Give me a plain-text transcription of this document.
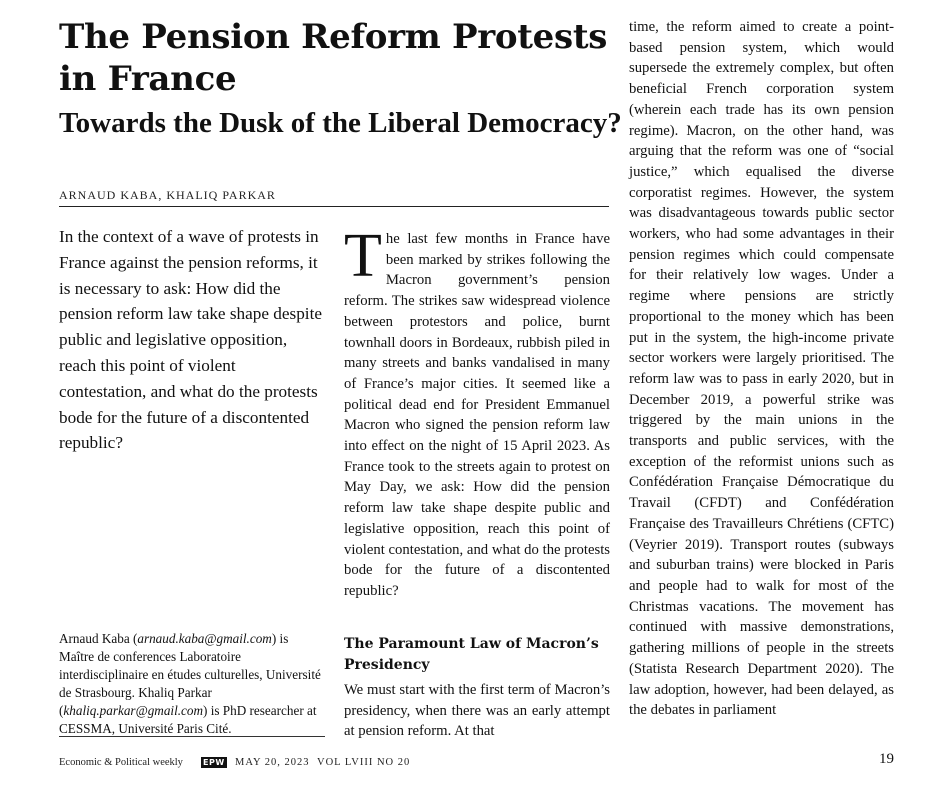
The Pension Reform Protests in France
Towards the Dusk of the Liberal Democracy?
ARNAUD KABA, KHALIQ PARKAR

In the context of a wave of protests in France against the pension reforms, it is necessary to ask: How did the pension reform law take shape despite public and legislative opposition, reach this point of violent contestation, and what do the protests bode for the future of a discontented republic?

The last few months in France have been marked by strikes following the Macron government’s pension reform. The strikes saw widespread violence between protestors and police, burnt townhall doors in Bordeaux, rubbish piled in many streets and banks vandalised in many of France’s major cities. It seemed like a political dead end for President Emmanuel Macron who signed the pension reform law into effect on the night of 15 April 2023. As France took to the streets again to protest on May Day, we ask: How did the pension reform law take shape despite public and legislative opposition, reach this point of violent contestation, and what do the protests bode for the future of a discontented republic?
The Paramount Law of Macron’s Presidency

We must start with the first term of Macron’s presidency, when there was an early attempt at pension reform. At that

time, the reform aimed to create a point-based pension system, which would supersede the extremely complex, but often beneficial French corporation system (wherein each trade has its own pension regime). Macron, on the other hand, was arguing that the reform was one of “social justice,” which equalised the diverse corporatist regimes. However, the system was disadvantageous towards public sector workers, who had some advantages in their pension regimes which could compensate for their relatively low wages. Under a regime where pensions are strictly proportional to the money which has been put in the system, the high-income private sector workers were largely prioritised. The reform law was to pass in early 2020, but in December 2019, a powerful strike was triggered by the main unions in the transports and public services, with the exception of the reformist unions such as Confédération Française Démocratique du Travail (CFDT) and Confédération Française des Travailleurs Chrétiens (CFTC) (Veyrier 2019). Transport routes (subways and suburban trains) were blocked in Paris and people had to walk for most of the Christmas vacations. The movement has continued with massive demonstrations, gathering millions of people in the streets (Statista Research Department 2020). The law adoption, however, had been delayed, as the debates in parliament

Arnaud Kaba (arnaud.kaba@gmail.com) is Maître de conferences Laboratoire interdisciplinaire en études culturelles, Université de Strasbourg. Khaliq Parkar (khaliq.parkar@gmail.com) is PhD researcher at CESSMA, Université Paris Cité.

Economic & Political weekly	EPW MAY 20, 2023 VOL LVIII NO 20	19
